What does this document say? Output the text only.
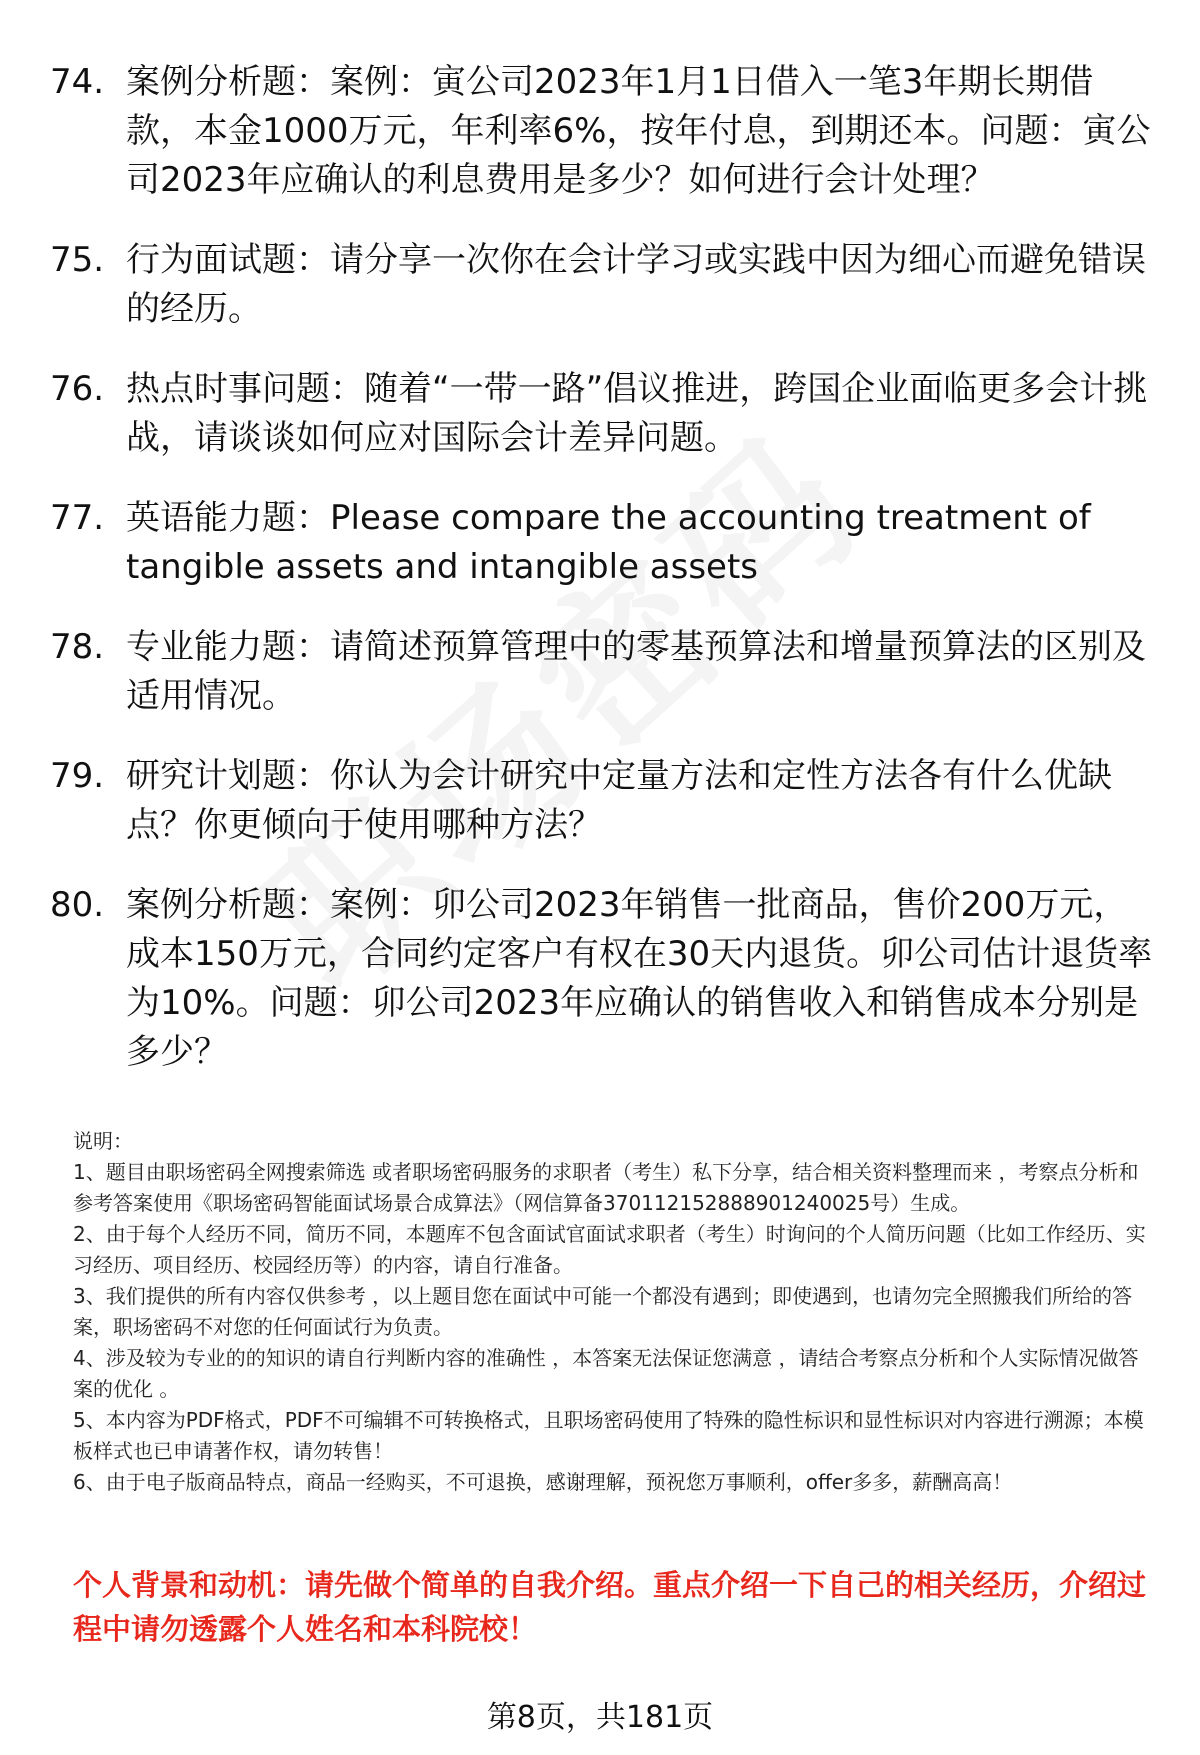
74. 案例分析题：案例：寅公司2023年1月1日借入一笔3年期长期借款，本金1000万元，年利率6%，按年付息，到期还本。问题：寅公司2023年应确认的利息费用是多少？如何进行会计处理？
75. 行为面试题：请分享一次你在会计学习或实践中因为细心而避免错误的经历。
76. 热点时事问题：随着“一带一路”倡议推进，跨国企业面临更多会计挑战，请谈谈如何应对国际会计差异问题。
77. 英语能力题：Please compare the accounting treatment of tangible assets and intangible assets
78. 专业能力题：请简述预算管理中的零基预算法和增量预算法的区别及适用情况。
79. 研究计划题：你认为会计研究中定量方法和定性方法各有什么优缺点？你更倾向于使用哪种方法？
80. 案例分析题：案例：卯公司2023年销售一批商品，售价200万元，成本150万元，合同约定客户有权在30天内退货。卯公司估计退货率为10%。问题：卯公司2023年应确认的销售收入和销售成本分别是多少？

说明：

1、题目由职场密码全网搜索筛选 或者职场密码服务的求职者（考生）私下分享，结合相关资料整理而来 ，考察点分析和参考答案使用《职场密码智能面试场景合成算法》（网信算备370112152888901240025号）生成。

2、由于每个人经历不同，简历不同，本题库不包含面试官面试求职者（考生）时询问的个人简历问题（比如工作经历、实习经历、项目经历、校园经历等）的内容，请自行准备。

3、我们提供的所有内容仅供参考 ，以上题目您在面试中可能一个都没有遇到；即使遇到，也请勿完全照搬我们所给的答案，职场密码不对您的任何面试行为负责。

4、涉及较为专业的的知识的请自行判断内容的准确性 ，本答案无法保证您满意 ，请结合考察点分析和个人实际情况做答案的优化 。

5、本内容为PDF格式，PDF不可编辑不可转换格式，且职场密码使用了特殊的隐性标识和显性标识对内容进行溯源；本模板样式也已申请著作权，请勿转售！

6、由于电子版商品特点，商品一经购买，不可退换，感谢理解，预祝您万事顺利，offer多多，薪酬高高！

个人背景和动机：请先做个简单的自我介绍。重点介绍一下自己的相关经历，介绍过程中请勿透露个人姓名和本科院校！
第8页，共181页
